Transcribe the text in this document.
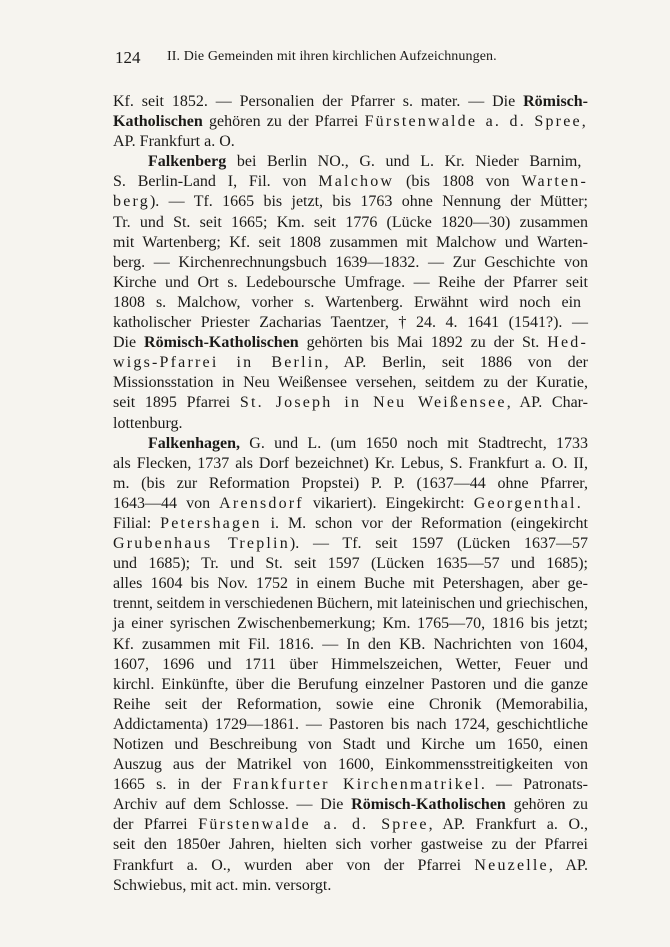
124 II. Die Gemeinden mit ihren kirchlichen Aufzeichnungen.
Kf. seit 1852. — Personalien der Pfarrer s. mater. — Die Römisch-
Katholischen gehören zu der Pfarrei Fürstenwalde a. d. Spree,
AP. Frankfurt a. O.
Falkenberg bei Berlin NO., G. und L. Kr. Nieder Barnim,
S. Berlin-Land I, Fil. von Malchow (bis 1808 von Warten-
berg). — Tf. 1665 bis jetzt, bis 1763 ohne Nennung der Mütter;
Tr. und St. seit 1665; Km. seit 1776 (Lücke 1820—30) zusammen
mit Wartenberg; Kf. seit 1808 zusammen mit Malchow und Warten-
berg. — Kirchenrechnungsbuch 1639—1832. — Zur Geschichte von
Kirche und Ort s. Ledeboursche Umfrage. — Reihe der Pfarrer seit
1808 s. Malchow, vorher s. Wartenberg. Erwähnt wird noch ein
katholischer Priester Zacharias Taentzer, † 24. 4. 1641 (1541?). —
Die Römisch-Katholischen gehörten bis Mai 1892 zu der St. Hed-
wigs-Pfarrei in Berlin, AP. Berlin, seit 1886 von der
Missionsstation in Neu Weißensee versehen, seitdem zu der Kuratie,
seit 1895 Pfarrei St. Joseph in Neu Weißensee, AP. Char-
lottenburg.
Falkenhagen, G. und L. (um 1650 noch mit Stadtrecht, 1733
als Flecken, 1737 als Dorf bezeichnet) Kr. Lebus, S. Frankfurt a. O. II,
m. (bis zur Reformation Propstei) P. P. (1637—44 ohne Pfarrer,
1643—44 von Arensdorf vikariert). Eingekircht: Georgenthal.
Filial: Petershagen i. M. schon vor der Reformation (eingekircht
Grubenhaus Treplin). — Tf. seit 1597 (Lücken 1637—57
und 1685); Tr. und St. seit 1597 (Lücken 1635—57 und 1685);
alles 1604 bis Nov. 1752 in einem Buche mit Petershagen, aber ge-
trennt, seitdem in verschiedenen Büchern, mit lateinischen und griechischen,
ja einer syrischen Zwischenbemerkung; Km. 1765—70, 1816 bis jetzt;
Kf. zusammen mit Fil. 1816. — In den KB. Nachrichten von 1604,
1607, 1696 und 1711 über Himmelszeichen, Wetter, Feuer und
kirchl. Einkünfte, über die Berufung einzelner Pastoren und die ganze
Reihe seit der Reformation, sowie eine Chronik (Memorabilia,
Addictamenta) 1729—1861. — Pastoren bis nach 1724, geschichtliche
Notizen und Beschreibung von Stadt und Kirche um 1650, einen
Auszug aus der Matrikel von 1600, Einkommensstreitigkeiten von
1665 s. in der Frankfurter Kirchenmatrikel. — Patronats-
Archiv auf dem Schlosse. — Die Römisch-Katholischen gehören zu
der Pfarrei Fürstenwalde a. d. Spree, AP. Frankfurt a. O.,
seit den 1850er Jahren, hielten sich vorher gastweise zu der Pfarrei
Frankfurt a. O., wurden aber von der Pfarrei Neuzelle, AP.
Schwiebus, mit act. min. versorgt.
